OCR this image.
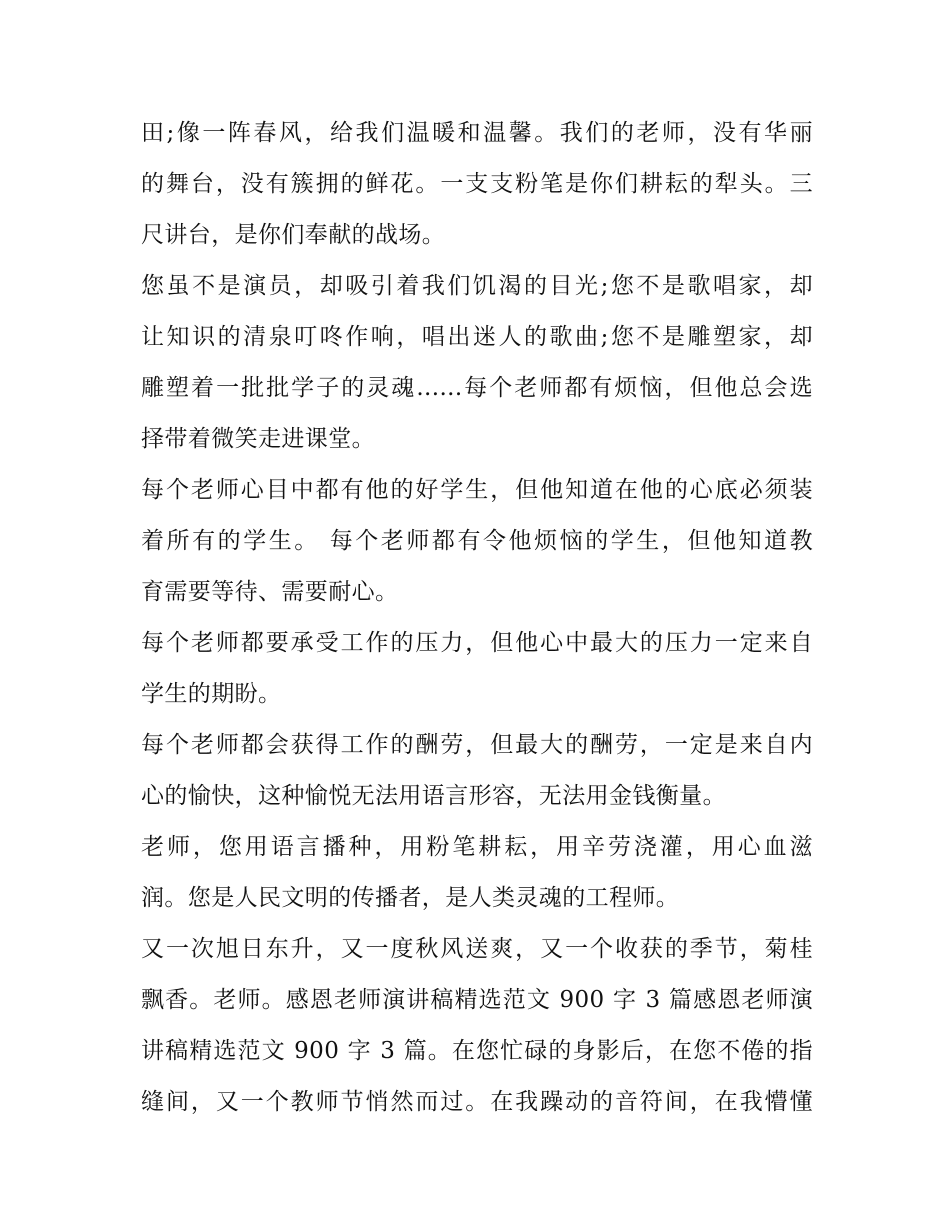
田;像一阵春风，给我们温暖和温馨。我们的老师，没有华丽
的舞台，没有簇拥的鲜花。一支支粉笔是你们耕耘的犁头。三
尺讲台，是你们奉献的战场。
您虽不是演员，却吸引着我们饥渴的目光;您不是歌唱家，却
让知识的清泉叮咚作响，唱出迷人的歌曲;您不是雕塑家，却
雕塑着一批批学子的灵魂......每个老师都有烦恼，但他总会选
择带着微笑走进课堂。
每个老师心目中都有他的好学生，但他知道在他的心底必须装
着所有的学生。 每个老师都有令他烦恼的学生，但他知道教
育需要等待、需要耐心。
每个老师都要承受工作的压力，但他心中最大的压力一定来自
学生的期盼。
每个老师都会获得工作的酬劳，但最大的酬劳，一定是来自内
心的愉快，这种愉悦无法用语言形容，无法用金钱衡量。
老师，您用语言播种，用粉笔耕耘，用辛劳浇灌，用心血滋
润。您是人民文明的传播者，是人类灵魂的工程师。
又一次旭日东升，又一度秋风送爽，又一个收获的季节，菊桂
飘香。老师。感恩老师演讲稿精选范文 900 字 3 篇感恩老师演
讲稿精选范文 900 字 3 篇。在您忙碌的身影后，在您不倦的指
缝间，又一个教师节悄然而过。在我躁动的音符间，在我懵懂
